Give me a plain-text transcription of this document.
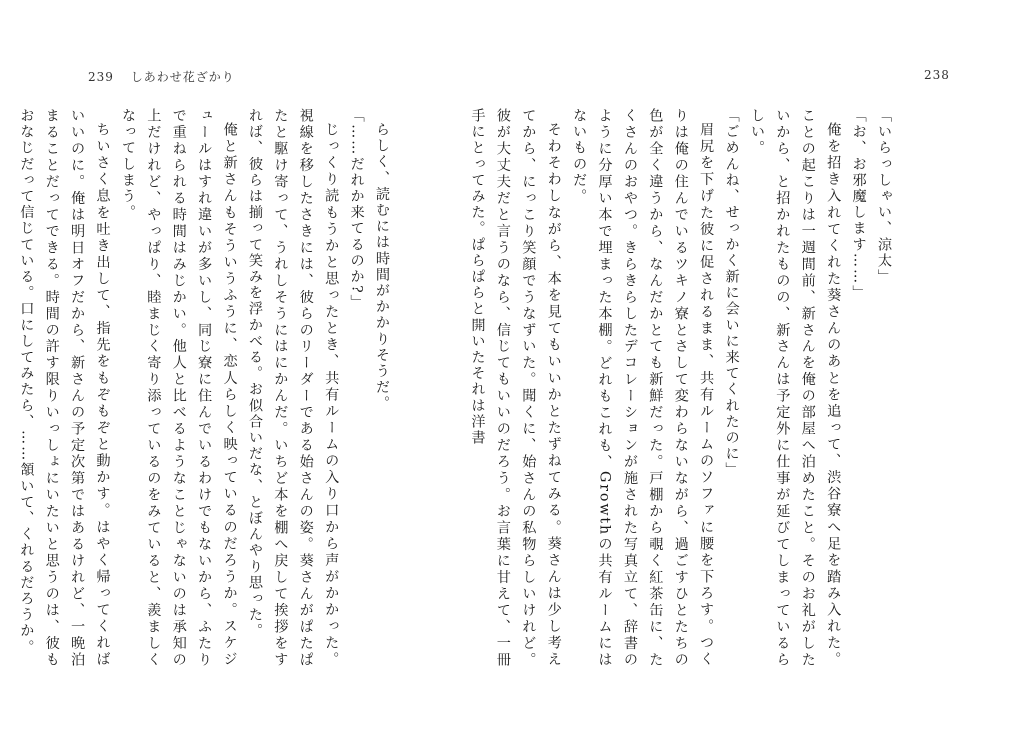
239 しあわせ花ざかり	238

「いらっしゃい、涼太」

「お、お邪魔します……」

俺を招き入れてくれた葵さんのあとを追って、渋谷寮へ足を踏み入れた。ことの起こりは一週間前、新さんを俺の部屋へ泊めたこと。そのお礼がしたいから、と招かれたものの、新さんは予定外に仕事が延びてしまっているらしい。

「ごめんね、せっかく新に会いに来てくれたのに」

眉尻を下げた彼に促されるまま、共有ルームのソファに腰を下ろす。つくりは俺の住んでいるツキノ寮とさして変わらないながら、過ごすひとたちの色が全く違うから、なんだかとても新鮮だった。戸棚から覗く紅茶缶に、たくさんのおやつ。きらきらしたデコレーションが施された写真立て、辞書のように分厚い本で埋まった本棚。どれもこれも、Growthの共有ルームにはないものだ。

そわそわしながら、本を見てもいいかとたずねてみる。葵さんは少し考えてから、にっこり笑顔でうなずいた。聞くに、始さんの私物らしいけれど。彼が大丈夫だと言うのなら、信じてもいいのだろう。お言葉に甘えて、一冊手にとってみた。ぱらぱらと開いたそれは洋書

らしく、読むには時間がかかりそうだ。

「……だれか来てるのか?」

じっくり読もうかと思ったとき、共有ルームの入り口から声がかかった。視線を移したさきには、彼らのリーダーである始さんの姿。葵さんがぱたぱたと駆け寄って、うれしそうにはにかんだ。いちど本を棚へ戻して挨拶をすれば、彼らは揃って笑みを浮かべる。お似合いだな、とぼんやり思った。

俺と新さんもそういうふうに、恋人らしく映っているのだろうか。スケジュールはすれ違いが多いし、同じ寮に住んでいるわけでもないから、ふたりで重ねられる時間はみじかい。他人と比べるようなことじゃないのは承知の上だけれど、やっぱり、睦まじく寄り添っているのをみていると、羨ましくなってしまう。

ちいさく息を吐き出して、指先をもぞもぞと動かす。はやく帰ってくればいいのに。俺は明日オフだから、新さんの予定次第ではあるけれど、一晩泊まることだってできる。時間の許す限りいっしょにいたいと思うのは、彼もおなじだって信じている。口にしてみたら、……頷いて、くれるだろうか。
